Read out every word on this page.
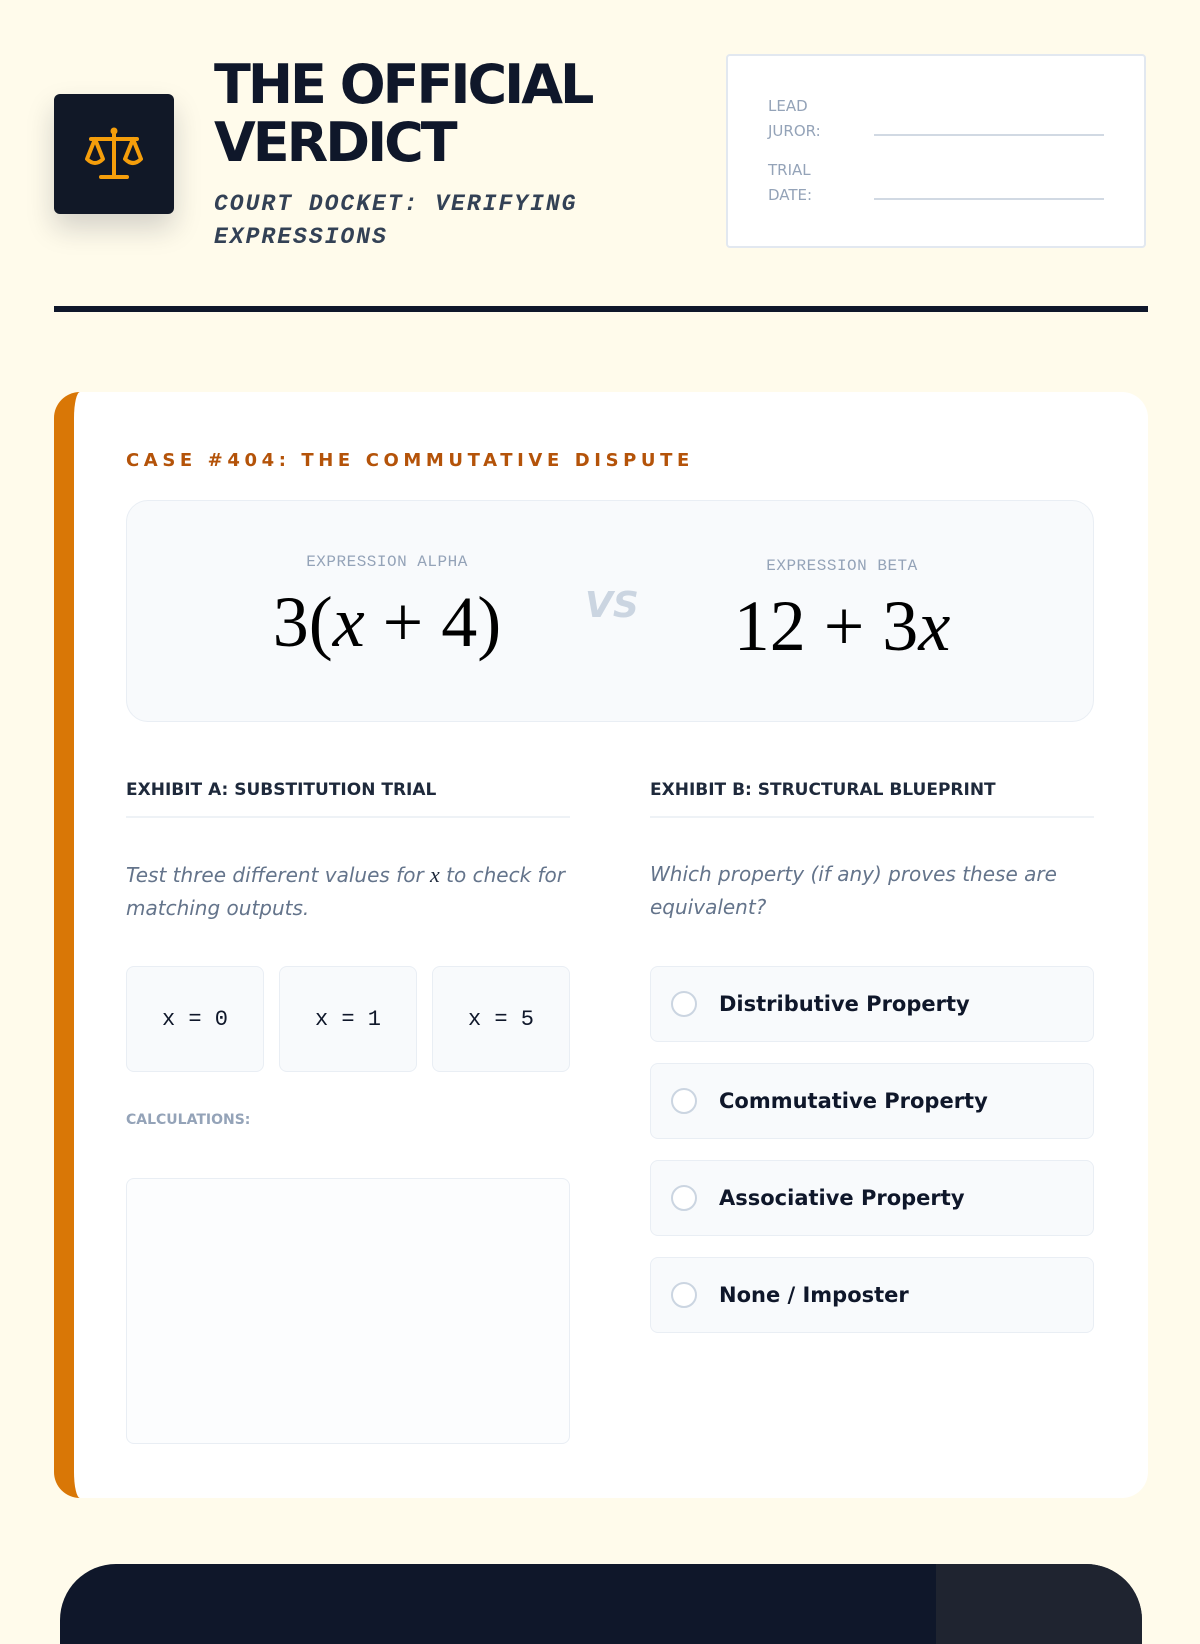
THE OFFICIAL VERDICT
COURT DOCKET: VERIFYING EXPRESSIONS
LEAD JUROR:
TRIAL DATE:
CASE #404: THE COMMUTATIVE DISPUTE
EXPRESSION ALPHA
3(x + 4)	VS
EXPRESSION BETA
12 + 3x
EXHIBIT A: SUBSTITUTION TRIAL
Test three different values for x to check for matching outputs.
x = 0	x = 1	x = 5
CALCULATIONS:
EXHIBIT B: STRUCTURAL BLUEPRINT
Which property (if any) proves these are equivalent?
Distributive Property
Commutative Property
Associative Property
None / Imposter
